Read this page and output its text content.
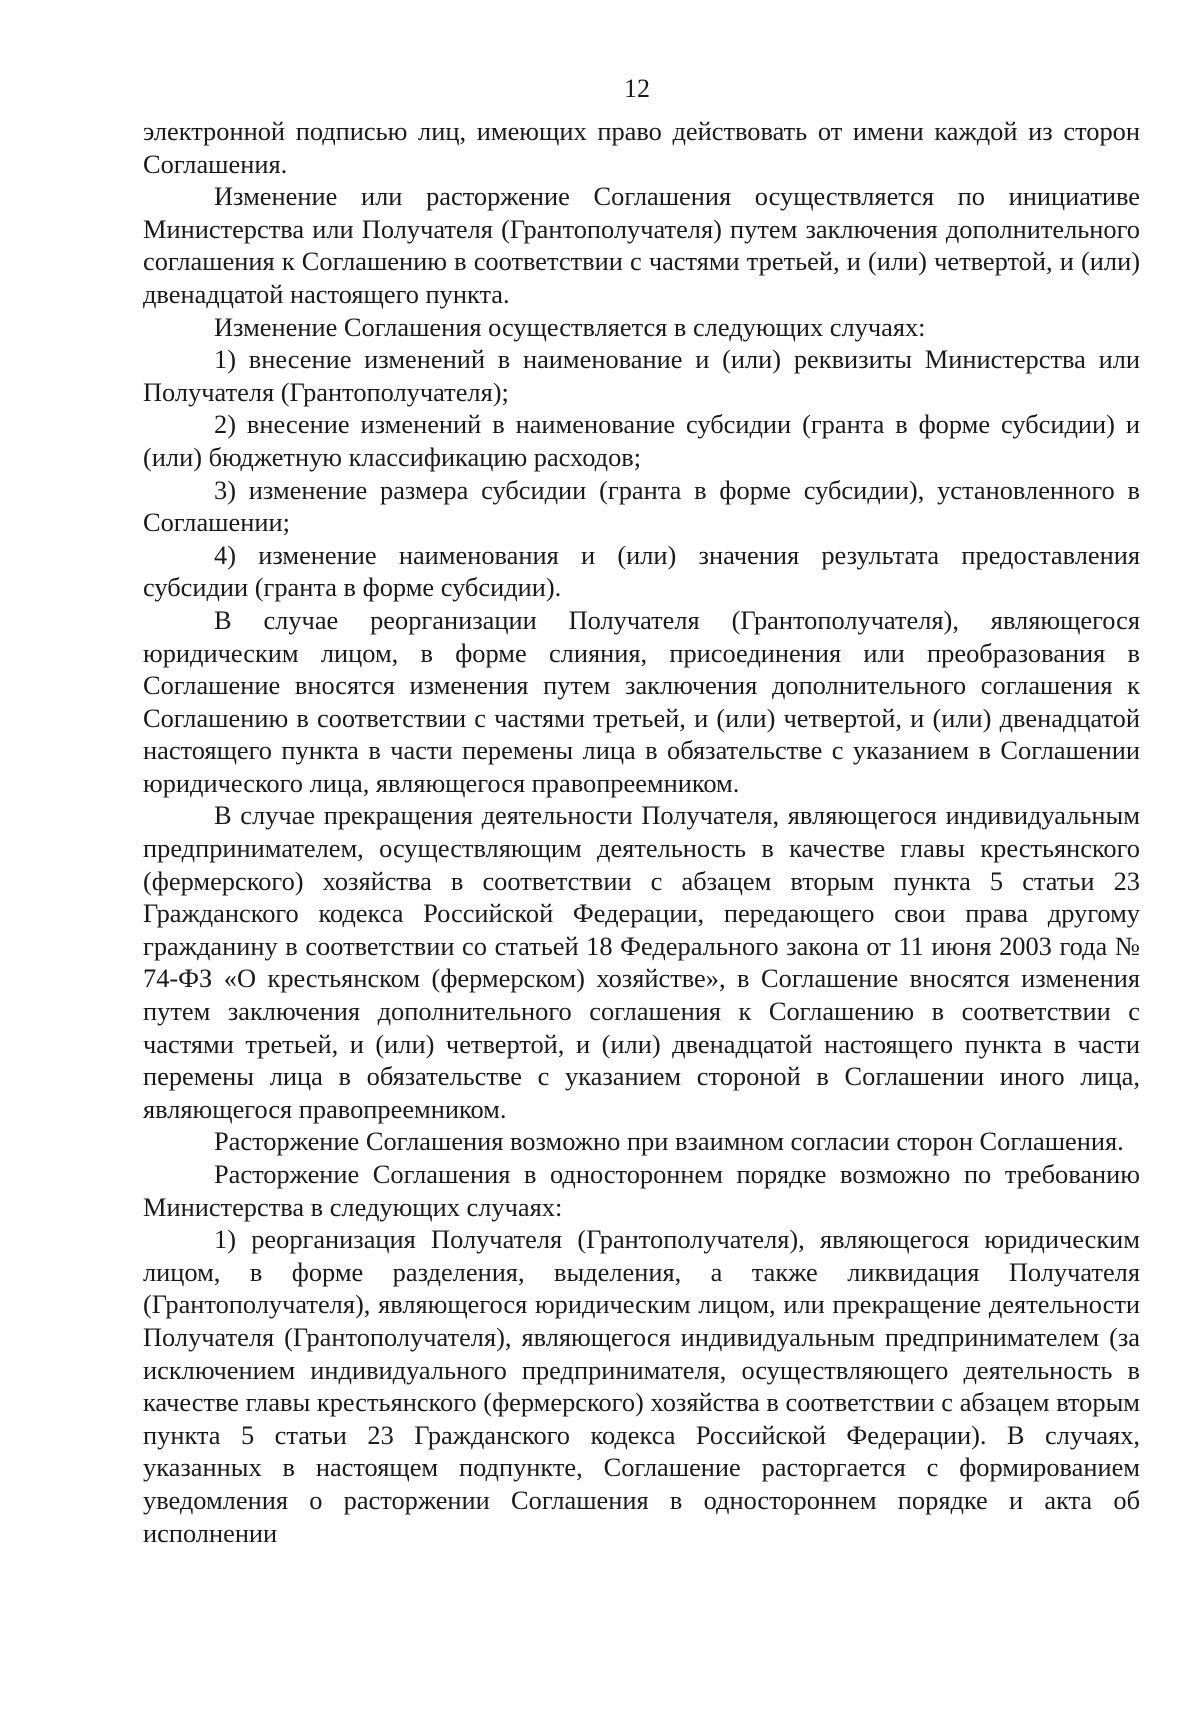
12

электронной подписью лиц, имеющих право действовать от имени каждой из сторон Соглашения.

Изменение или расторжение Соглашения осуществляется по инициативе Министерства или Получателя (Грантополучателя) путем заключения дополнительного соглашения к Соглашению в соответствии с частями третьей, и (или) четвертой, и (или) двенадцатой настоящего пункта.

Изменение Соглашения осуществляется в следующих случаях:

1) внесение изменений в наименование и (или) реквизиты Министерства или Получателя (Грантополучателя);

2) внесение изменений в наименование субсидии (гранта в форме субсидии) и (или) бюджетную классификацию расходов;

3) изменение размера субсидии (гранта в форме субсидии), установленного в Соглашении;

4) изменение наименования и (или) значения результата предоставления субсидии (гранта в форме субсидии).

В случае реорганизации Получателя (Грантополучателя), являющегося юридическим лицом, в форме слияния, присоединения или преобразования в Соглашение вносятся изменения путем заключения дополнительного соглашения к Соглашению в соответствии с частями третьей, и (или) четвертой, и (или) двенадцатой настоящего пункта в части перемены лица в обязательстве с указанием в Соглашении юридического лица, являющегося правопреемником.

В случае прекращения деятельности Получателя, являющегося индивидуальным предпринимателем, осуществляющим деятельность в качестве главы крестьянского (фермерского) хозяйства в соответствии с абзацем вторым пункта 5 статьи 23 Гражданского кодекса Российской Федерации, передающего свои права другому гражданину в соответствии со статьей 18 Федерального закона от 11 июня 2003 года № 74-ФЗ «О крестьянском (фермерском) хозяйстве», в Соглашение вносятся изменения путем заключения дополнительного соглашения к Соглашению в соответствии с частями третьей, и (или) четвертой, и (или) двенадцатой настоящего пункта в части перемены лица в обязательстве с указанием стороной в Соглашении иного лица, являющегося правопреемником.

Расторжение Соглашения возможно при взаимном согласии сторон Соглашения.

Расторжение Соглашения в одностороннем порядке возможно по требованию Министерства в следующих случаях:

1) реорганизация Получателя (Грантополучателя), являющегося юридическим лицом, в форме разделения, выделения, а также ликвидация Получателя (Грантополучателя), являющегося юридическим лицом, или прекращение деятельности Получателя (Грантополучателя), являющегося индивидуальным предпринимателем (за исключением индивидуального предпринимателя, осуществляющего деятельность в качестве главы крестьянского (фермерского) хозяйства в соответствии с абзацем вторым пункта 5 статьи 23 Гражданского кодекса Российской Федерации). В случаях, указанных в настоящем подпункте, Соглашение расторгается с формированием уведомления о расторжении Соглашения в одностороннем порядке и акта об исполнении
